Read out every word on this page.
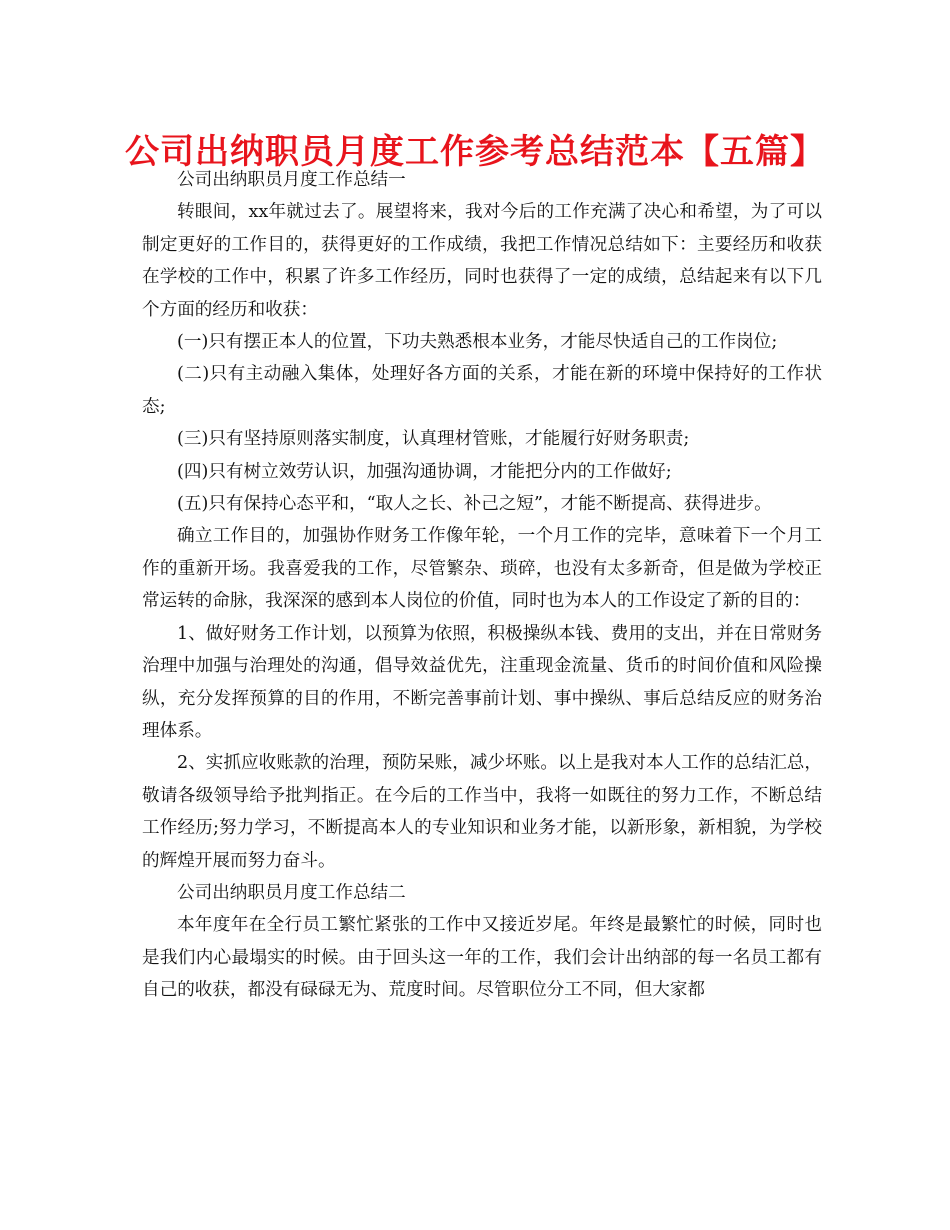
公司出纳职员月度工作参考总结范本【五篇】

公司出纳职员月度工作总结一

转眼间，xx年就过去了。展望将来，我对今后的工作充满了决心和希望，为了可以制定更好的工作目的，获得更好的工作成绩，我把工作情况总结如下：主要经历和收获在学校的工作中，积累了许多工作经历，同时也获得了一定的成绩，总结起来有以下几个方面的经历和收获：

(一)只有摆正本人的位置，下功夫熟悉根本业务，才能尽快适自己的工作岗位;

(二)只有主动融入集体，处理好各方面的关系，才能在新的环境中保持好的工作状态;

(三)只有坚持原则落实制度，认真理材管账，才能履行好财务职责;

(四)只有树立效劳认识，加强沟通协调，才能把分内的工作做好;

(五)只有保持心态平和，“取人之长、补己之短”，才能不断提高、获得进步。

确立工作目的，加强协作财务工作像年轮，一个月工作的完毕，意味着下一个月工作的重新开场。我喜爱我的工作，尽管繁杂、琐碎，也没有太多新奇，但是做为学校正常运转的命脉，我深深的感到本人岗位的价值，同时也为本人的工作设定了新的目的：

1、做好财务工作计划，以预算为依照，积极操纵本钱、费用的支出，并在日常财务治理中加强与治理处的沟通，倡导效益优先，注重现金流量、货币的时间价值和风险操纵，充分发挥预算的目的作用，不断完善事前计划、事中操纵、事后总结反应的财务治理体系。

2、实抓应收账款的治理，预防呆账，减少坏账。以上是我对本人工作的总结汇总，敬请各级领导给予批判指正。在今后的工作当中，我将一如既往的努力工作，不断总结工作经历;努力学习，不断提高本人的专业知识和业务才能，以新形象，新相貌，为学校的辉煌开展而努力奋斗。

公司出纳职员月度工作总结二

本年度年在全行员工繁忙紧张的工作中又接近岁尾。年终是最繁忙的时候，同时也是我们内心最塌实的时候。由于回头这一年的工作，我们会计出纳部的每一名员工都有自己的收获，都没有碌碌无为、荒度时间。尽管职位分工不同，但大家都
